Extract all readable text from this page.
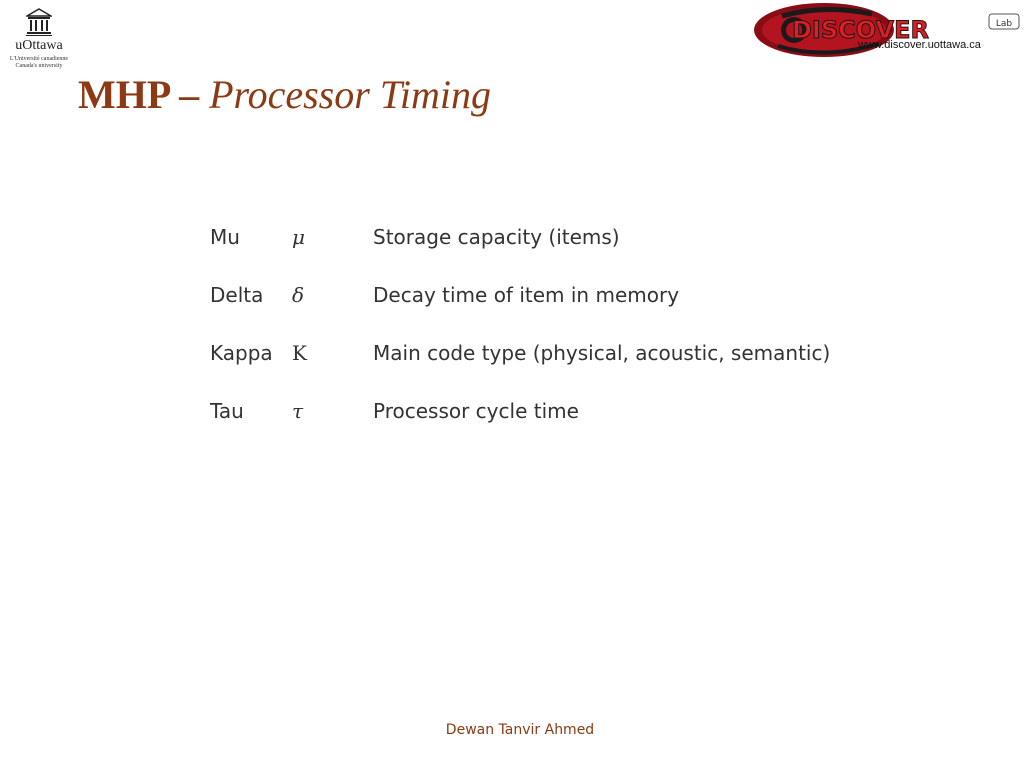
uOttawa
L'Université canadienne
Canada's university
DISCOVER	Lab
www.discover.uottawa.ca
MHP – Processor Timing
Mu	μ	Storage capacity (items)
Delta δ	Decay time of item in memory
Kappa Κ	Main code type (physical, acoustic, semantic)
Tau τ	Processor cycle time
Dewan Tanvir Ahmed
